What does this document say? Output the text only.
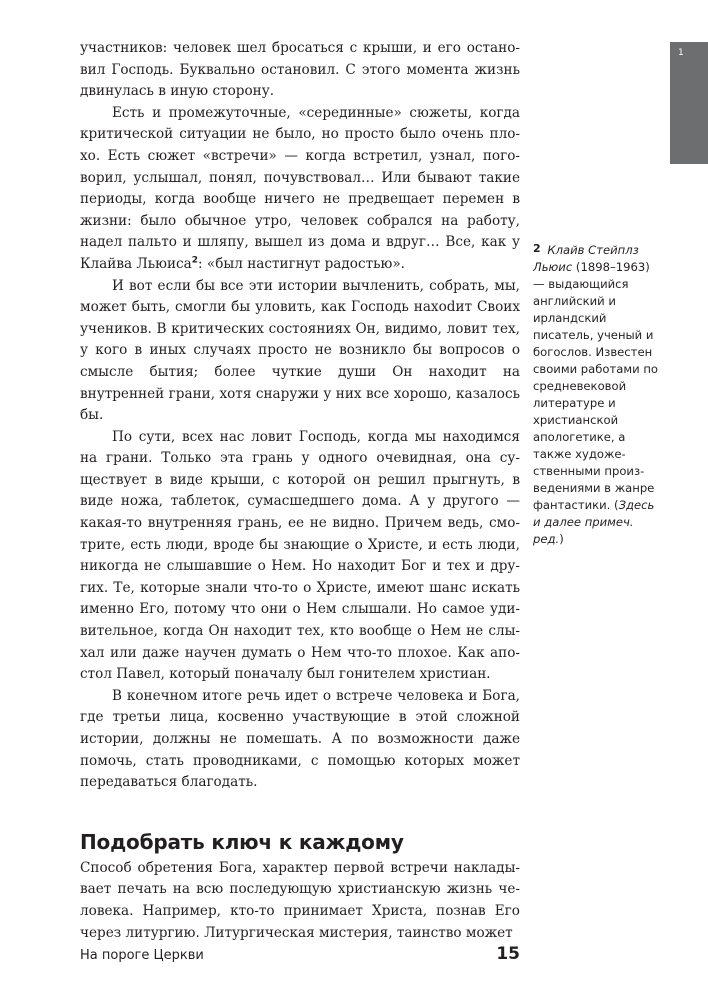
1

участников: человек шел бросаться с крыши, и его остановил Господь. Буквально остановил. С этого момента жизнь двинулась в иную сторону.

Есть и промежуточные, «серединные» сюжеты, когда критической ситуации не было, но просто было очень плохо. Есть сюжет «встречи» — когда встретил, узнал, поговорил, услышал, понял, почувствовал… Или бывают такие периоды, когда вообще ничего не предвещает перемен в жизни: было обычное утро, человек собрался на работу, надел пальто и шляпу, вышел из дома и вдруг… Все, как у Клайва Льюиса$^2$: «был настигнут радостью».

И вот если бы все эти истории вычленить, собрать, мы, может быть, смогли бы уловить, как Господь нахоdит Своих учеников. В критических состояниях Он, видимо, ловит тех, у кого в иных случаях просто не возникло бы вопросов о смысле бытия; более чуткие души Он находит на внутренней грани, хотя снаружи у них все хорошо, казалось бы.

По сути, всех нас ловит Господь, когда мы находимся на грани. Только эта грань у одного очевидная, она существует в виде крыши, с которой он решил прыгнуть, в виде ножа, таблеток, сумасшедшего дома. А у другого — какая-то внутренняя грань, ее не видно. Причем ведь, смотрите, есть люди, вроде бы знающие о Христе, и есть люди, никогда не слышавшие о Нем. Но находит Бог и тех и других. Те, которые знали что-то о Христе, имеют шанс искать именно Его, потому что они о Нем слышали. Но самое удивительное, когда Он находит тех, кто вообще о Нем не слыхал или даже научен думать о Нем что-то плохое. Как апостол Павел, который поначалу был гонителем христиан.

В конечном итоге речь идет о встрече человека и Бога, где третьи лица, косвенно участвующие в этой сложной истории, должны не помешать. А по возможности даже помочь, стать проводниками, с помощью которых может передаваться благодать.

Подобрать ключ к каждому

Способ обретения Бога, характер первой встречи накладывает печать на всю последующую христианскую жизнь человека. Например, кто-то принимает Христа, познав Его через литургию. Литургическая мистерия, таинство может

2 Клайв Стейплз Льюис (1898–1963) — выдающийся английский и ирландский писатель, ученый и богослов. Известен своими работами по средневековой литературе и христианской апологетике, а также художественными произведениями в жанре фантастики. (Здесь и далее примеч. ред.)
На пороге Церкви	15
